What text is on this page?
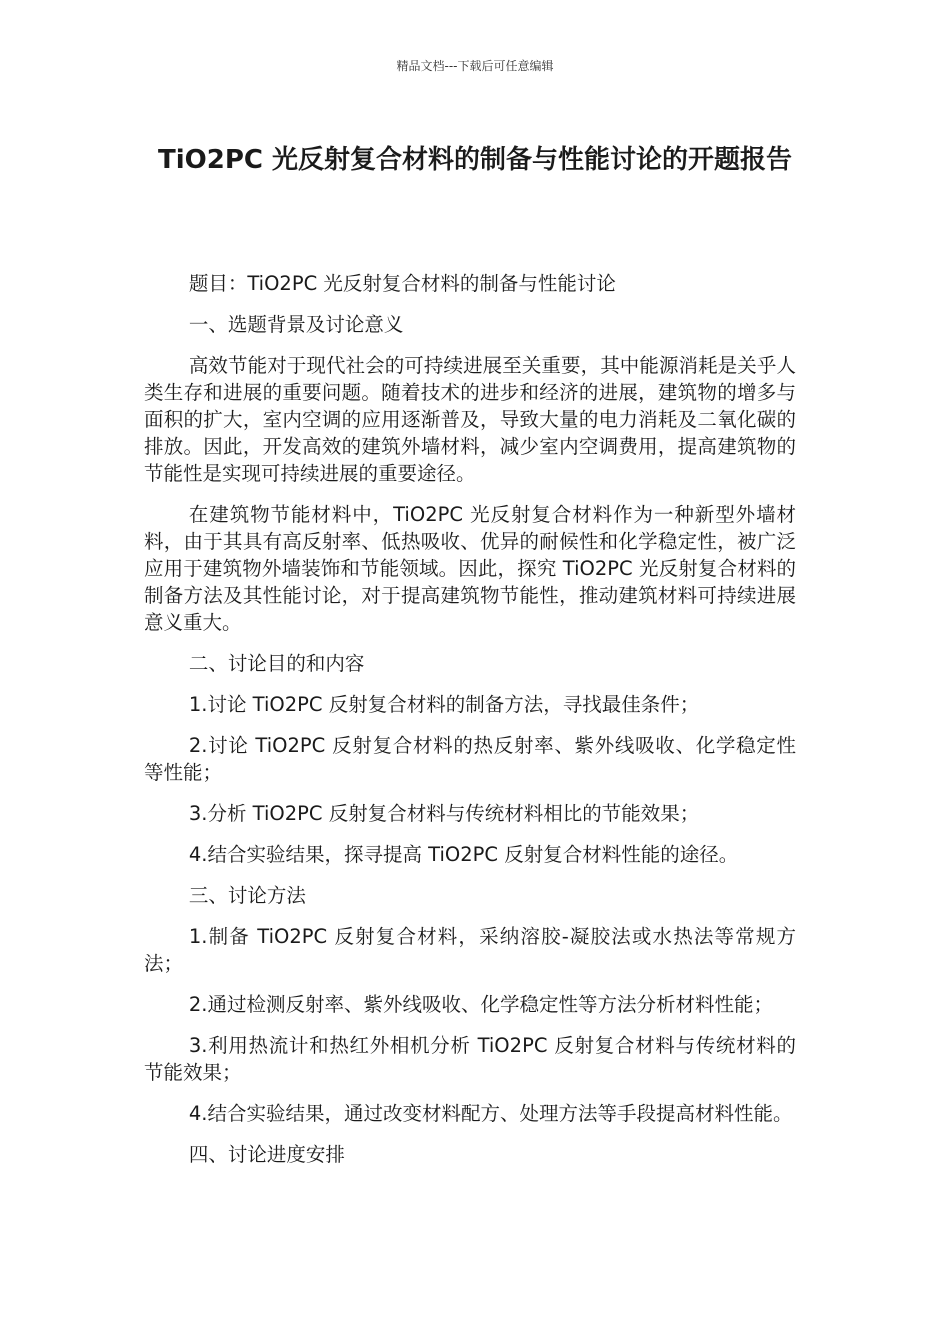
精品文档---下载后可任意编辑
TiO2PC 光反射复合材料的制备与性能讨论的开题报告

题目：TiO2PC 光反射复合材料的制备与性能讨论

一、选题背景及讨论意义

高效节能对于现代社会的可持续进展至关重要，其中能源消耗是关乎人类生存和进展的重要问题。随着技术的进步和经济的进展，建筑物的增多与面积的扩大，室内空调的应用逐渐普及，导致大量的电力消耗及二氧化碳的排放。因此，开发高效的建筑外墙材料，减少室内空调费用，提高建筑物的节能性是实现可持续进展的重要途径。

在建筑物节能材料中，TiO2PC 光反射复合材料作为一种新型外墙材料，由于其具有高反射率、低热吸收、优异的耐候性和化学稳定性，被广泛应用于建筑物外墙装饰和节能领域。因此，探究 TiO2PC 光反射复合材料的制备方法及其性能讨论，对于提高建筑物节能性，推动建筑材料可持续进展意义重大。

二、讨论目的和内容

1.讨论 TiO2PC 反射复合材料的制备方法，寻找最佳条件；

2.讨论 TiO2PC 反射复合材料的热反射率、紫外线吸收、化学稳定性等性能；

3.分析 TiO2PC 反射复合材料与传统材料相比的节能效果；

4.结合实验结果，探寻提高 TiO2PC 反射复合材料性能的途径。

三、讨论方法

1.制备 TiO2PC 反射复合材料，采纳溶胶-凝胶法或水热法等常规方法；

2.通过检测反射率、紫外线吸收、化学稳定性等方法分析材料性能；

3.利用热流计和热红外相机分析 TiO2PC 反射复合材料与传统材料的节能效果；

4.结合实验结果，通过改变材料配方、处理方法等手段提高材料性能。

四、讨论进度安排
